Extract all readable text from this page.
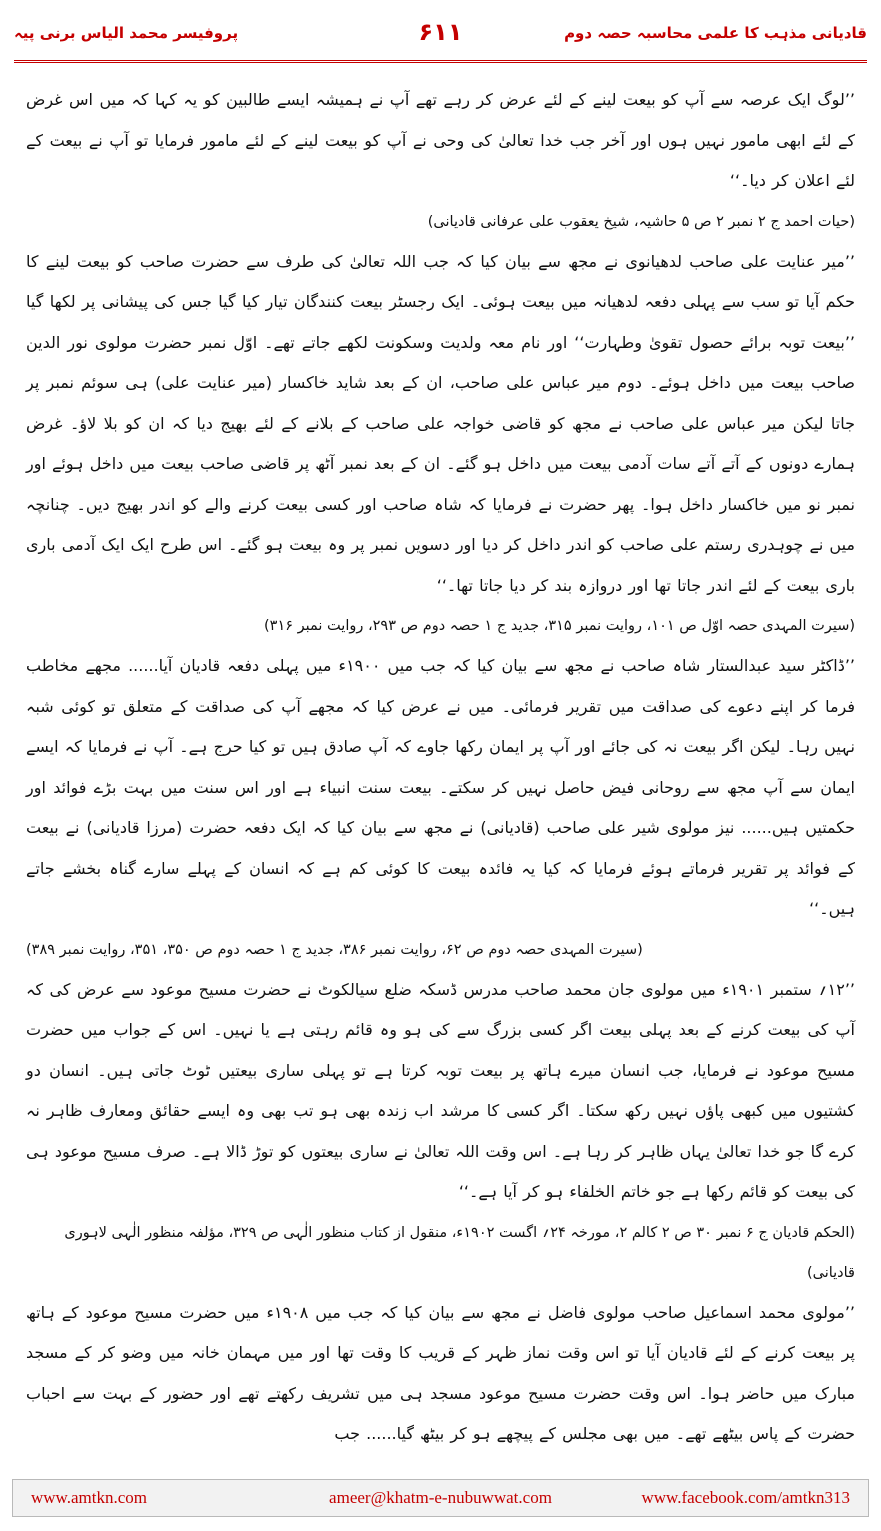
قادیانی مذہب کا علمی محاسبہ حصہ دوم
۶۱۱
پروفیسر محمد الیاس برنی پیہ

’’لوگ ایک عرصہ سے آپ کو بیعت لینے کے لئے عرض کر رہے تھے آپ نے ہمیشہ ایسے طالبین کو یہ کہا کہ میں اس غرض کے لئے ابھی مامور نہیں ہوں اور آخر جب خدا تعالیٰ کی وحی نے آپ کو بیعت لینے کے لئے مامور فرمایا تو آپ نے بیعت کے لئے اعلان کر دیا۔‘‘

(حیات احمد ج ۲ نمبر ۲ ص ۵ حاشیہ، شیخ یعقوب علی عرفانی قادیانی)

’’میر عنایت علی صاحب لدھیانوی نے مجھ سے بیان کیا کہ جب اللہ تعالیٰ کی طرف سے حضرت صاحب کو بیعت لینے کا حکم آیا تو سب سے پہلی دفعہ لدھیانہ میں بیعت ہوئی۔ ایک رجسٹر بیعت کنندگان تیار کیا گیا جس کی پیشانی پر لکھا گیا ’’بیعت توبہ برائے حصول تقویٰ وطہارت‘‘ اور نام معہ ولدیت وسکونت لکھے جاتے تھے۔ اوّل نمبر حضرت مولوی نور الدین صاحب بیعت میں داخل ہوئے۔ دوم میر عباس علی صاحب، ان کے بعد شاید خاکسار (میر عنایت علی) ہی سوئم نمبر پر جاتا لیکن میر عباس علی صاحب نے مجھ کو قاضی خواجہ علی صاحب کے بلانے کے لئے بھیج دیا کہ ان کو بلا لاؤ۔ غرض ہمارے دونوں کے آتے آتے سات آدمی بیعت میں داخل ہو گئے۔ ان کے بعد نمبر آٹھ پر قاضی صاحب بیعت میں داخل ہوئے اور نمبر نو میں خاکسار داخل ہوا۔ پھر حضرت نے فرمایا کہ شاہ صاحب اور کسی بیعت کرنے والے کو اندر بھیج دیں۔ چنانچہ میں نے چوہدری رستم علی صاحب کو اندر داخل کر دیا اور دسویں نمبر پر وہ بیعت ہو گئے۔ اس طرح ایک ایک آدمی باری باری بیعت کے لئے اندر جاتا تھا اور دروازہ بند کر دیا جاتا تھا۔‘‘

(سیرت المہدی حصہ اوّل ص ۱۰۱، روایت نمبر ۳۱۵، جدید ج ۱ حصہ دوم ص ۲۹۳، روایت نمبر ۳۱۶)

’’ڈاکٹر سید عبدالستار شاہ صاحب نے مجھ سے بیان کیا کہ جب میں ۱۹۰۰ء میں پہلی دفعہ قادیان آیا...... مجھے مخاطب فرما کر اپنے دعوے کی صداقت میں تقریر فرمائی۔ میں نے عرض کیا کہ مجھے آپ کی صداقت کے متعلق تو کوئی شبہ نہیں رہا۔ لیکن اگر بیعت نہ کی جائے اور آپ پر ایمان رکھا جاوے کہ آپ صادق ہیں تو کیا حرج ہے۔ آپ نے فرمایا کہ ایسے ایمان سے آپ مجھ سے روحانی فیض حاصل نہیں کر سکتے۔ بیعت سنت انبیاء ہے اور اس سنت میں بہت بڑے فوائد اور حکمتیں ہیں...... نیز مولوی شیر علی صاحب (قادیانی) نے مجھ سے بیان کیا کہ ایک دفعہ حضرت (مرزا قادیانی) نے بیعت کے فوائد پر تقریر فرماتے ہوئے فرمایا کہ کیا یہ فائدہ بیعت کا کوئی کم ہے کہ انسان کے پہلے سارے گناہ بخشے جاتے ہیں۔‘‘

(سیرت المہدی حصہ دوم ص ۶۲، روایت نمبر ۳۸۶، جدید ج ۱ حصہ دوم ص ۳۵۰، ۳۵۱، روایت نمبر ۳۸۹)

’’۱۲؍ ستمبر ۱۹۰۱ء میں مولوی جان محمد صاحب مدرس ڈسکہ ضلع سیالکوٹ نے حضرت مسیح موعود سے عرض کی کہ آپ کی بیعت کرنے کے بعد پہلی بیعت اگر کسی بزرگ سے کی ہو وہ قائم رہتی ہے یا نہیں۔ اس کے جواب میں حضرت مسیح موعود نے فرمایا، جب انسان میرے ہاتھ پر بیعت توبہ کرتا ہے تو پہلی ساری بیعتیں ٹوٹ جاتی ہیں۔ انسان دو کشتیوں میں کبھی پاؤں نہیں رکھ سکتا۔ اگر کسی کا مرشد اب زندہ بھی ہو تب بھی وہ ایسے حقائق ومعارف ظاہر نہ کرے گا جو خدا تعالیٰ یہاں ظاہر کر رہا ہے۔ اس وقت اللہ تعالیٰ نے ساری بیعتوں کو توڑ ڈالا ہے۔ صرف مسیح موعود ہی کی بیعت کو قائم رکھا ہے جو خاتم الخلفاء ہو کر آیا ہے۔‘‘

(الحکم قادیان ج ۶ نمبر ۳۰ ص ۲ کالم ۲، مورخہ ۲۴؍ اگست ۱۹۰۲ء، منقول از کتاب منظور الٰہی ص ۳۲۹، مؤلفہ منظور الٰہی لاہوری قادیانی)

’’مولوی محمد اسماعیل صاحب مولوی فاضل نے مجھ سے بیان کیا کہ جب میں ۱۹۰۸ء میں حضرت مسیح موعود کے ہاتھ پر بیعت کرنے کے لئے قادیان آیا تو اس وقت نماز ظہر کے قریب کا وقت تھا اور میں مہمان خانہ میں وضو کر کے مسجد مبارک میں حاضر ہوا۔ اس وقت حضرت مسیح موعود مسجد ہی میں تشریف رکھتے تھے اور حضور کے بہت سے احباب حضرت کے پاس بیٹھے تھے۔ میں بھی مجلس کے پیچھے ہو کر بیٹھ گیا...... جب

www.amtkn.com	ameer@khatm-e-nubuwwat.com	www.facebook.com/amtkn313
